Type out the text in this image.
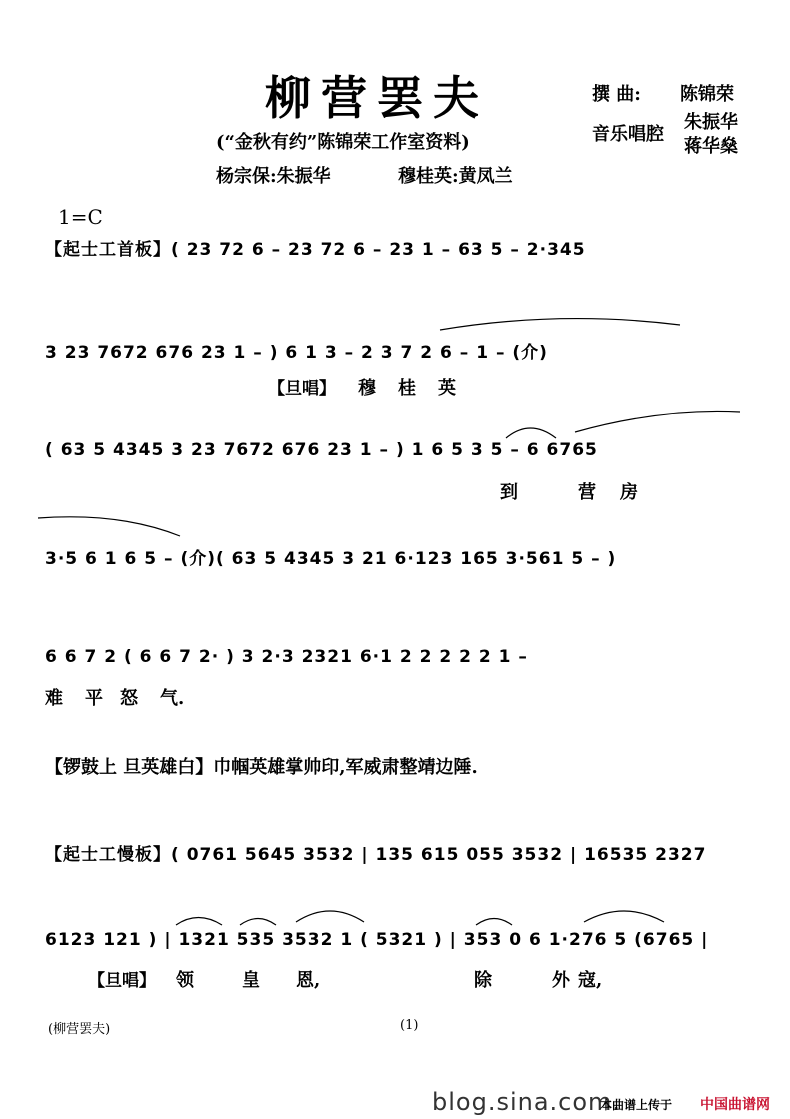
柳营罢夫	撰 曲: 陈锦荣
音乐唱腔
朱振华
蒋华燊
(“金秋有约”陈锦荣工作室资料)
杨宗保:朱振华	穆桂英:黄凤兰
1=C
【起士工首板】( 23 72 6 – 23 72 6 – 23 1 – 63 5 – 2·345
3 23 7672 676 23 1 – ) 6 1 3 – 2 3 7 2 6 – 1 – (介)
【旦唱】 穆 桂 英
( 63 5 4345 3 23 7672 676 23 1 – ) 1 6 5 3 5 – 6 6765
到	营 房
3·5 6 1 6 5 – (介)( 63 5 4345 3 21 6·123 165 3·561 5 – )
6 6 7 2 ( 6 6 7 2· ) 3 2·3 2321 6·1 2 2 2 2 2 1 –
难 平 怒 气.
【锣鼓上 旦英雄白】巾帼英雄掌帅印,军威肃整靖边陲.
【起士工慢板】( 0761 5645 3532 | 135 615 055 3532 | 16535 2327
6123 121 ) | 1321 535 3532 1 ( 5321 ) | 353 0 6 1·276 5 (6765 |
【旦唱】 领	皇 恩,	除	外 寇,
(柳营罢夫)	(1)
blog.sina.com.
本曲谱上传于 中国曲谱网
